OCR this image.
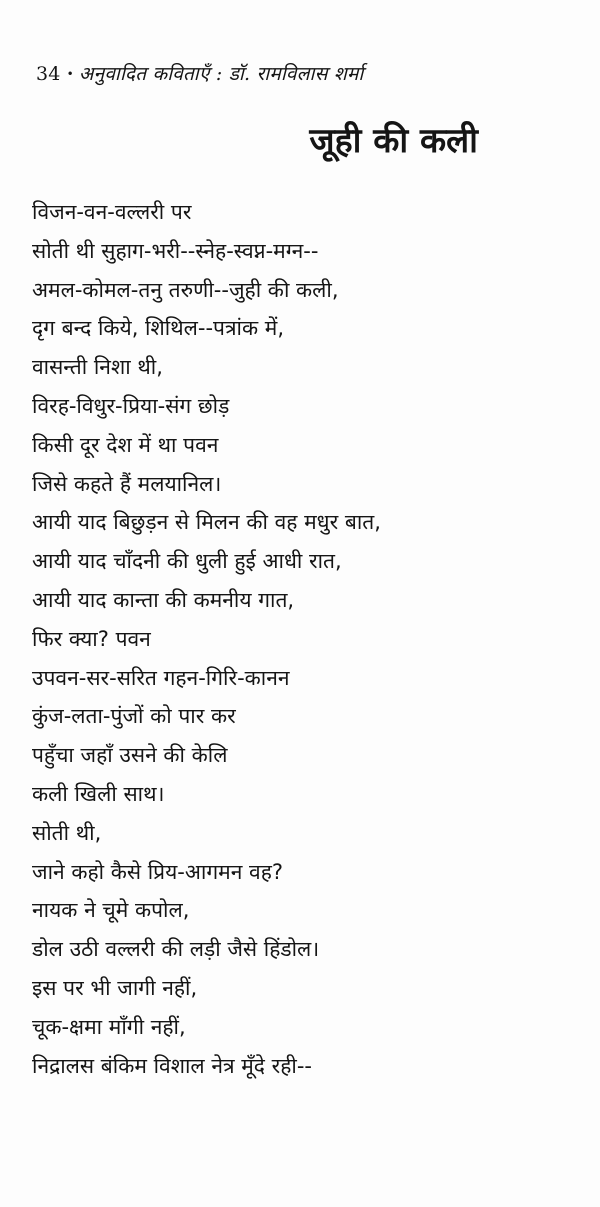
34 • अनुवादित कविताएँ : डॉ. रामविलास शर्मा
जूही की कली
विजन-वन-वल्लरी पर
सोती थी सुहाग-भरी--स्नेह-स्वप्न-मग्न--
अमल-कोमल-तनु तरुणी--जुही की कली,
दृग बन्द किये, शिथिल--पत्रांक में,
वासन्ती निशा थी,
विरह-विधुर-प्रिया-संग छोड़
किसी दूर देश में था पवन
जिसे कहते हैं मलयानिल।
आयी याद बिछुड़न से मिलन की वह मधुर बात,
आयी याद चाँदनी की धुली हुई आधी रात,
आयी याद कान्ता की कमनीय गात,
फिर क्या? पवन
उपवन-सर-सरित गहन-गिरि-कानन
कुंज-लता-पुंजों को पार कर
पहुँचा जहाँ उसने की केलि
कली खिली साथ।
सोती थी,
जाने कहो कैसे प्रिय-आगमन वह?
नायक ने चूमे कपोल,
डोल उठी वल्लरी की लड़ी जैसे हिंडोल।
इस पर भी जागी नहीं,
चूक-क्षमा माँगी नहीं,
निद्रालस बंकिम विशाल नेत्र मूँदे रही--
